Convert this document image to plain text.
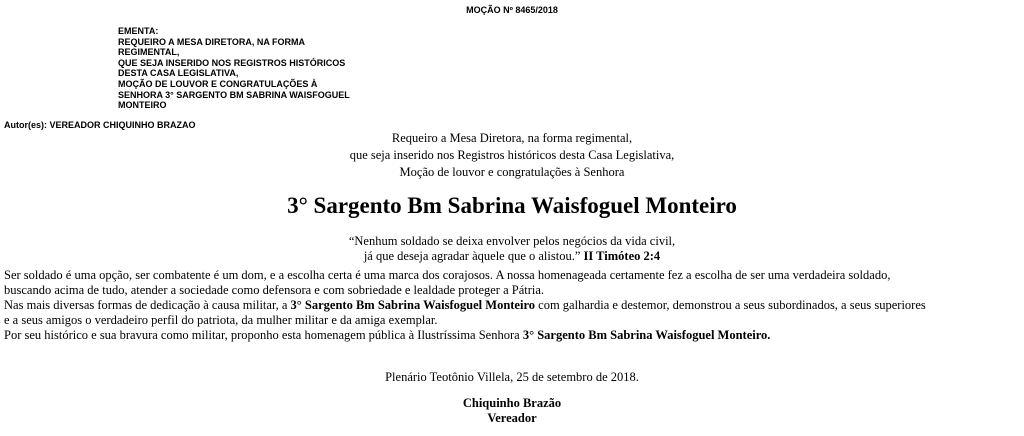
MOÇÃO Nº 8465/2018
EMENTA:
REQUEIRO A MESA DIRETORA, NA FORMA
REGIMENTAL,
QUE SEJA INSERIDO NOS REGISTROS HISTÓRICOS
DESTA CASA LEGISLATIVA,
MOÇÃO DE LOUVOR E CONGRATULAÇÕES À
SENHORA 3° SARGENTO BM SABRINA WAISFOGUEL
MONTEIRO
Autor(es): VEREADOR CHIQUINHO BRAZAO
Requeiro a Mesa Diretora, na forma regimental,
que seja inserido nos Registros históricos desta Casa Legislativa,
Moção de louvor e congratulações à Senhora
3° Sargento Bm Sabrina Waisfoguel Monteiro
“Nenhum soldado se deixa envolver pelos negócios da vida civil,
já que deseja agradar àquele que o alistou.” II Timóteo 2:4
Ser soldado é uma opção, ser combatente é um dom, e a escolha certa é uma marca dos corajosos. A nossa homenageada certamente fez a escolha de ser uma verdadeira soldado,
buscando acima de tudo, atender a sociedade como defensora e com sobriedade e lealdade proteger a Pátria.
Nas mais diversas formas de dedicação à causa militar, a 3° Sargento Bm Sabrina Waisfoguel Monteiro com galhardia e destemor, demonstrou a seus subordinados, a seus superiores
e a seus amigos o verdadeiro perfil do patriota, da mulher militar e da amiga exemplar.
Por seu histórico e sua bravura como militar, proponho esta homenagem pública à Ilustríssima Senhora 3° Sargento Bm Sabrina Waisfoguel Monteiro.
Plenário Teotônio Villela, 25 de setembro de 2018.
Chiquinho Brazão
Vereador
